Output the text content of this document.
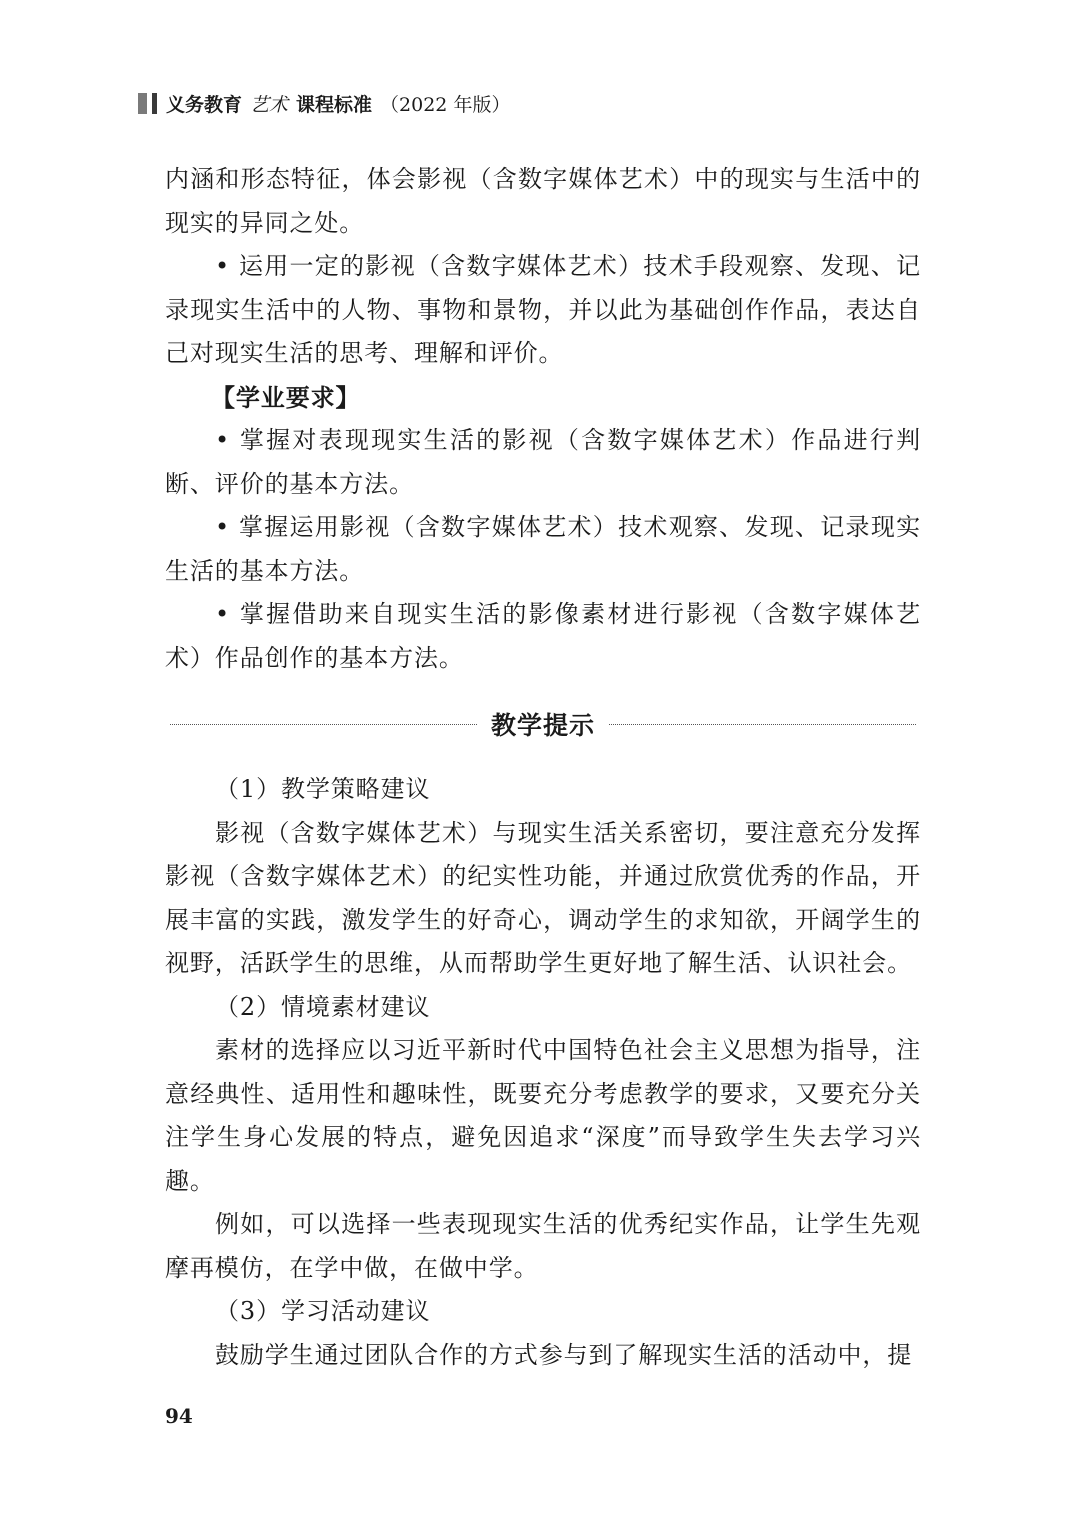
义务教育 艺术 课程标准 （2022 年版）

内涵和形态特征，体会影视（含数字媒体艺术）中的现实与生活中的现实的异同之处。

• 运用一定的影视（含数字媒体艺术）技术手段观察、发现、记录现实生活中的人物、事物和景物，并以此为基础创作作品，表达自己对现实生活的思考、理解和评价。

【学业要求】

• 掌握对表现现实生活的影视（含数字媒体艺术）作品进行判断、评价的基本方法。

• 掌握运用影视（含数字媒体艺术）技术观察、发现、记录现实生活的基本方法。

• 掌握借助来自现实生活的影像素材进行影视（含数字媒体艺术）作品创作的基本方法。

教学提示

（1）教学策略建议

影视（含数字媒体艺术）与现实生活关系密切，要注意充分发挥影视（含数字媒体艺术）的纪实性功能，并通过欣赏优秀的作品，开展丰富的实践，激发学生的好奇心，调动学生的求知欲，开阔学生的视野，活跃学生的思维，从而帮助学生更好地了解生活、认识社会。

（2）情境素材建议

素材的选择应以习近平新时代中国特色社会主义思想为指导，注意经典性、适用性和趣味性，既要充分考虑教学的要求，又要充分关注学生身心发展的特点，避免因追求“深度”而导致学生失去学习兴趣。

例如，可以选择一些表现现实生活的优秀纪实作品，让学生先观摩再模仿，在学中做，在做中学。

（3）学习活动建议

鼓励学生通过团队合作的方式参与到了解现实生活的活动中，提

94
